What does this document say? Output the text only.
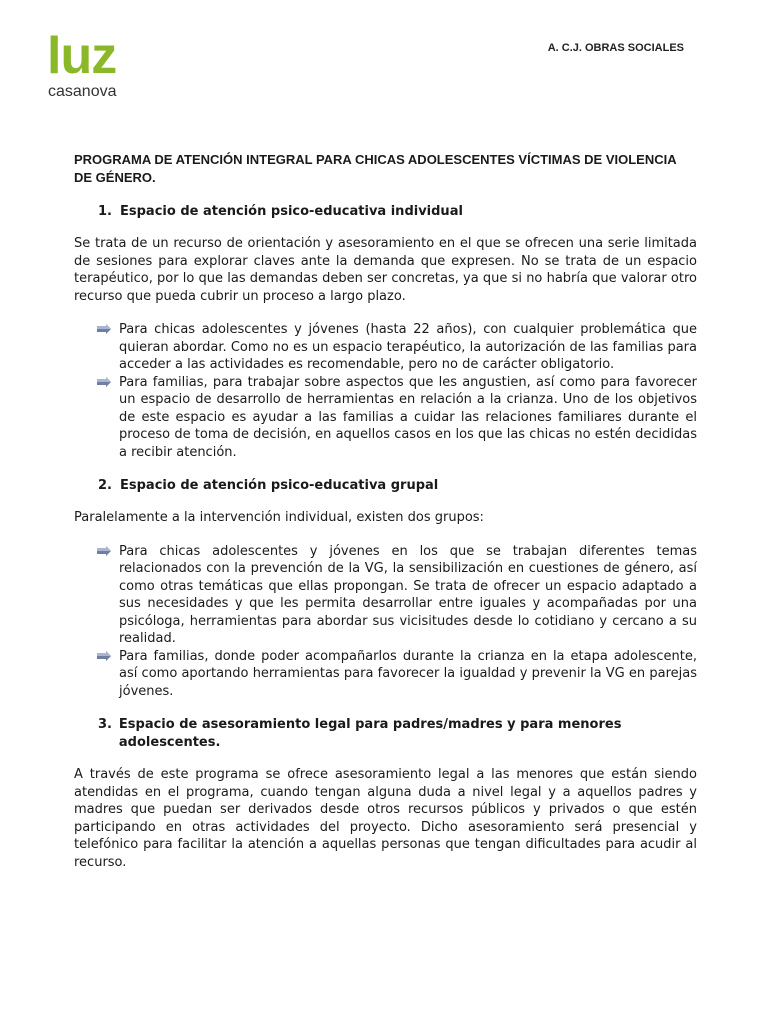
luz
casanova
A. C.J. OBRAS SOCIALES
PROGRAMA DE ATENCIÓN INTEGRAL PARA CHICAS ADOLESCENTES VÍCTIMAS DE VIOLENCIA DE GÉNERO.
1. Espacio de atención psico-educativa individual

Se trata de un recurso de orientación y asesoramiento en el que se ofrecen una serie limitada de sesiones para explorar claves ante la demanda que expresen. No se trata de un espacio terapéutico, por lo que las demandas deben ser concretas, ya que si no habría que valorar otro recurso que pueda cubrir un proceso a largo plazo.

Para chicas adolescentes y jóvenes (hasta 22 años), con cualquier problemática que quieran abordar. Como no es un espacio terapéutico, la autorización de las familias para acceder a las actividades es recomendable, pero no de carácter obligatorio.
Para familias, para trabajar sobre aspectos que les angustien, así como para favorecer un espacio de desarrollo de herramientas en relación a la crianza. Uno de los objetivos de este espacio es ayudar a las familias a cuidar las relaciones familiares durante el proceso de toma de decisión, en aquellos casos en los que las chicas no estén decididas a recibir atención.
2. Espacio de atención psico-educativa grupal

Paralelamente a la intervención individual, existen dos grupos:

Para chicas adolescentes y jóvenes en los que se trabajan diferentes temas relacionados con la prevención de la VG, la sensibilización en cuestiones de género, así como otras temáticas que ellas propongan. Se trata de ofrecer un espacio adaptado a sus necesidades y que les permita desarrollar entre iguales y acompañadas por una psicóloga, herramientas para abordar sus vicisitudes desde lo cotidiano y cercano a su realidad.
Para familias, donde poder acompañarlos durante la crianza en la etapa adolescente, así como aportando herramientas para favorecer la igualdad y prevenir la VG en parejas jóvenes.
3. Espacio de asesoramiento legal para padres/madres y para menores adolescentes.

A través de este programa se ofrece asesoramiento legal a las menores que están siendo atendidas en el programa, cuando tengan alguna duda a nivel legal y a aquellos padres y madres que puedan ser derivados desde otros recursos públicos y privados o que estén participando en otras actividades del proyecto. Dicho asesoramiento será presencial y telefónico para facilitar la atención a aquellas personas que tengan dificultades para acudir al recurso.
